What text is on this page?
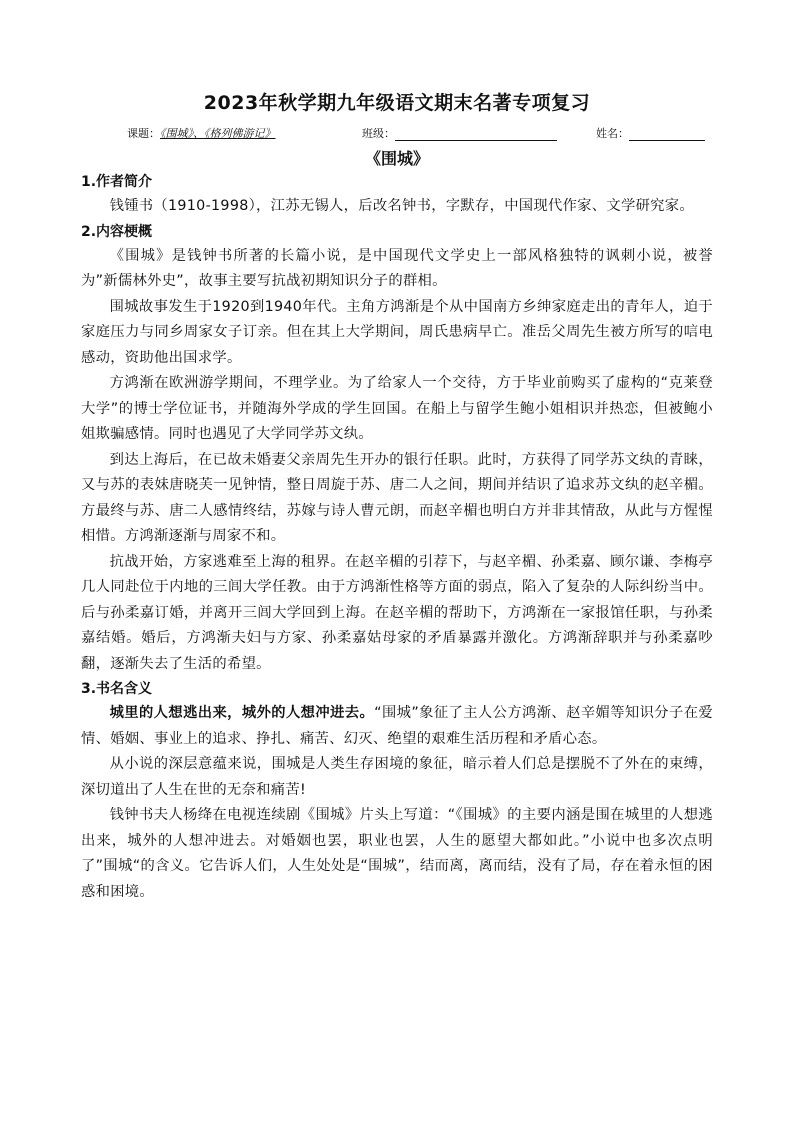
2023年秋学期九年级语文期末名著专项复习
课题：《围城》、《格列佛游记》	班级：	姓名：
《围城》
1.作者简介

钱锺书（1910-1998），江苏无锡人，后改名钟书，字默存，中国现代作家、文学研究家。

2.内容梗概

《围城》是钱钟书所著的长篇小说，是中国现代文学史上一部风格独特的讽刺小说，被誉为”新儒林外史”，故事主要写抗战初期知识分子的群相。

围城故事发生于1920到1940年代。主角方鸿渐是个从中国南方乡绅家庭走出的青年人，迫于家庭压力与同乡周家女子订亲。但在其上大学期间，周氏患病早亡。准岳父周先生被方所写的唁电感动，资助他出国求学。

方鸿渐在欧洲游学期间，不理学业。为了给家人一个交待，方于毕业前购买了虚构的“克莱登大学”的博士学位证书，并随海外学成的学生回国。在船上与留学生鲍小姐相识并热恋，但被鲍小姐欺骗感情。同时也遇见了大学同学苏文纨。

到达上海后，在已故未婚妻父亲周先生开办的银行任职。此时，方获得了同学苏文纨的青睐，又与苏的表妹唐晓芙一见钟情，整日周旋于苏、唐二人之间，期间并结识了追求苏文纨的赵辛楣。方最终与苏、唐二人感情终结，苏嫁与诗人曹元朗，而赵辛楣也明白方并非其情敌，从此与方惺惺相惜。方鸿渐逐渐与周家不和。

抗战开始，方家逃难至上海的租界。在赵辛楣的引荐下，与赵辛楣、孙柔嘉、顾尔谦、李梅亭几人同赴位于内地的三闾大学任教。由于方鸿渐性格等方面的弱点，陷入了复杂的人际纠纷当中。后与孙柔嘉订婚，并离开三闾大学回到上海。在赵辛楣的帮助下，方鸿渐在一家报馆任职，与孙柔嘉结婚。婚后，方鸿渐夫妇与方家、孙柔嘉姑母家的矛盾暴露并激化。方鸿渐辞职并与孙柔嘉吵翻，逐渐失去了生活的希望。

3.书名含义

城里的人想逃出来，城外的人想冲进去。“围城”象征了主人公方鸿渐、赵辛媚等知识分子在爱情、婚姻、事业上的追求、挣扎、痛苦、幻灭、绝望的艰难生活历程和矛盾心态。

从小说的深层意蕴来说，围城是人类生存困境的象征，暗示着人们总是摆脱不了外在的束缚，深切道出了人生在世的无奈和痛苦!

钱钟书夫人杨绛在电视连续剧《围城》片头上写道：“《围城》的主要内涵是围在城里的人想逃出来，城外的人想冲进去。对婚姻也罢，职业也罢，人生的愿望大都如此。”小说中也多次点明了”围城“的含义。它告诉人们，人生处处是“围城”，结而离，离而结，没有了局，存在着永恒的困惑和困境。
